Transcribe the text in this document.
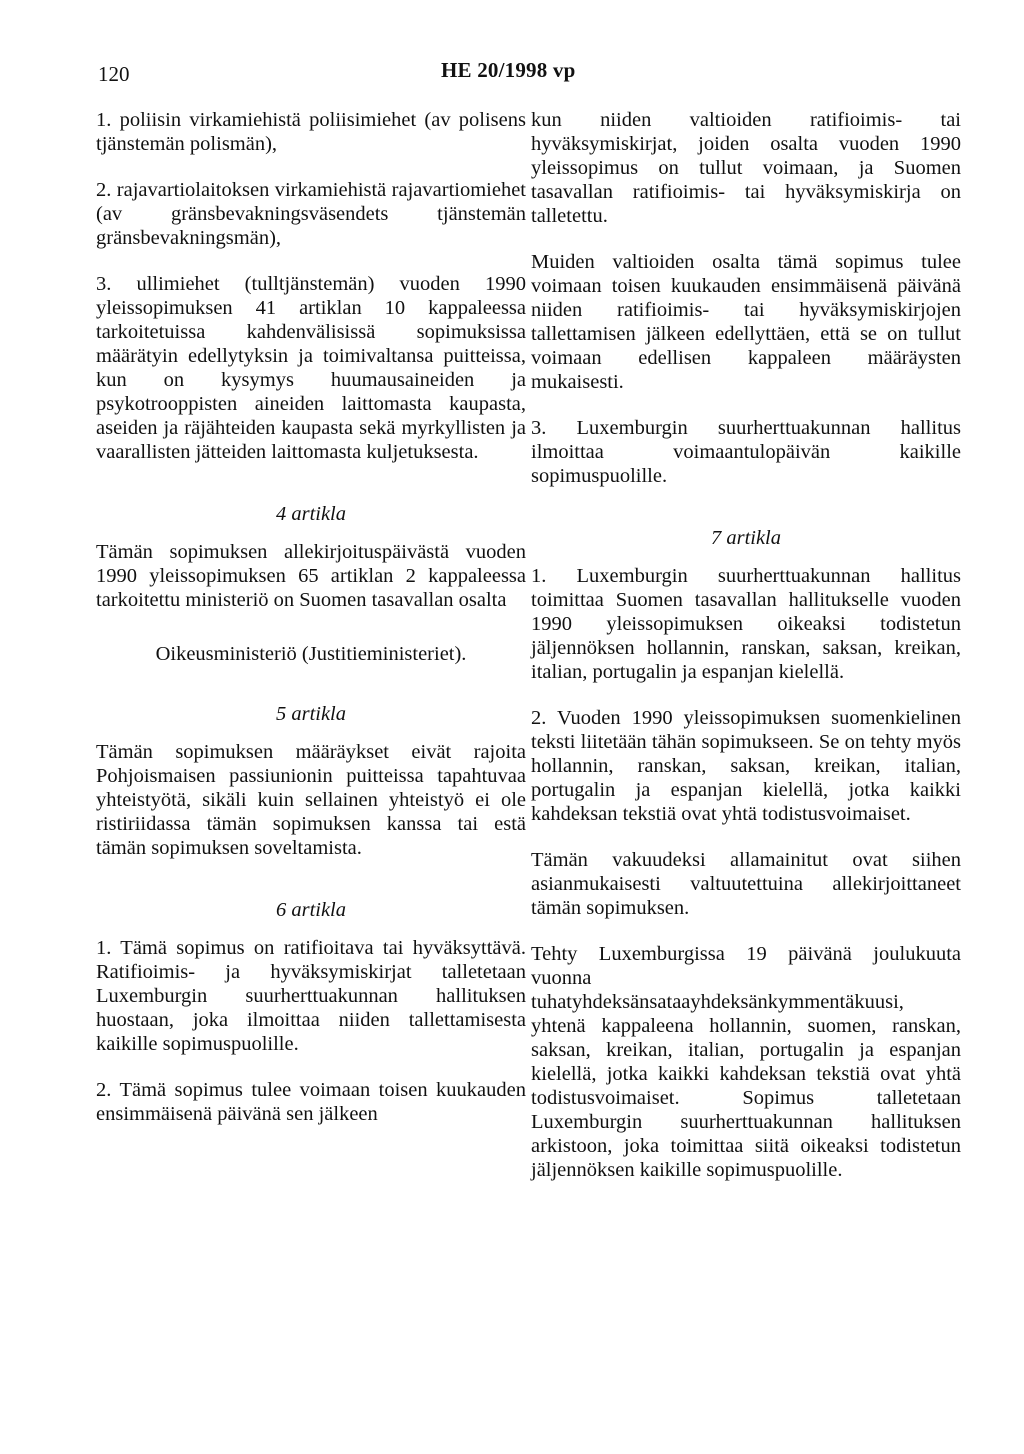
120	HE 20/1998 vp

1. poliisin virkamiehistä poliisimiehet (av polisens tjänstemän polismän),

2. rajavartiolaitoksen virkamiehistä rajavartiomiehet (av gränsbevakningsväsendets tjänstemän gränsbevakningsmän),

3. ullimiehet (tulltjänstemän) vuoden 1990 yleissopimuksen 41 artiklan 10 kappaleessa tarkoitetuissa kahdenvälisissä sopimuksissa määrätyin edellytyksin ja toimivaltansa puitteissa, kun on kysymys huumausaineiden ja psykotrooppisten aineiden laittomasta kaupasta, aseiden ja räjähteiden kaupasta sekä myrkyllisten ja vaarallisten jätteiden laittomasta kuljetuksesta.

4 artikla

Tämän sopimuksen allekirjoituspäivästä vuoden 1990 yleissopimuksen 65 artiklan 2 kappaleessa tarkoitettu ministeriö on Suomen tasavallan osalta

Oikeusministeriö (Justitieministeriet).

5 artikla

Tämän sopimuksen määräykset eivät rajoita Pohjoismaisen passiunionin puitteissa tapahtuvaa yhteistyötä, sikäli kuin sellainen yhteistyö ei ole ristiriidassa tämän sopimuksen kanssa tai estä tämän sopimuksen soveltamista.

6 artikla

1. Tämä sopimus on ratifioitava tai hyväksyttävä. Ratifioimis- ja hyväksymiskirjat talletetaan Luxemburgin suurherttuakunnan hallituksen huostaan, joka ilmoittaa niiden tallettamisesta kaikille sopimuspuolille.

2. Tämä sopimus tulee voimaan toisen kuukauden ensimmäisenä päivänä sen jälkeen

kun niiden valtioiden ratifioimis- tai hyväksymiskirjat, joiden osalta vuoden 1990 yleissopimus on tullut voimaan, ja Suomen tasavallan ratifioimis- tai hyväksymiskirja on talletettu.

Muiden valtioiden osalta tämä sopimus tulee voimaan toisen kuukauden ensimmäisenä päivänä niiden ratifioimis- tai hyväksymiskirjojen tallettamisen jälkeen edellyttäen, että se on tullut voimaan edellisen kappaleen määräysten mukaisesti.

3. Luxemburgin suurherttuakunnan hallitus ilmoittaa voimaantulopäivän kaikille sopimuspuolille.

7 artikla

1. Luxemburgin suurherttuakunnan hallitus toimittaa Suomen tasavallan hallitukselle vuoden 1990 yleissopimuksen oikeaksi todistetun jäljennöksen hollannin, ranskan, saksan, kreikan, italian, portugalin ja espanjan kielellä.

2. Vuoden 1990 yleissopimuksen suomenkielinen teksti liitetään tähän sopimukseen. Se on tehty myös hollannin, ranskan, saksan, kreikan, italian, portugalin ja espanjan kielellä, jotka kaikki kahdeksan tekstiä ovat yhtä todistusvoimaiset.

Tämän vakuudeksi allamainitut ovat siihen asianmukaisesti valtuutettuina allekirjoittaneet tämän sopimuksen.

Tehty Luxemburgissa 19 päivänä joulukuuta vuonna tuhatyhdeksänsataayhdeksänkymmentäkuusi, yhtenä kappaleena hollannin, suomen, ranskan, saksan, kreikan, italian, portugalin ja espanjan kielellä, jotka kaikki kahdeksan tekstiä ovat yhtä todistusvoimaiset. Sopimus talletetaan Luxemburgin suurherttuakunnan hallituksen arkistoon, joka toimittaa siitä oikeaksi todistetun jäljennöksen kaikille sopimuspuolille.
